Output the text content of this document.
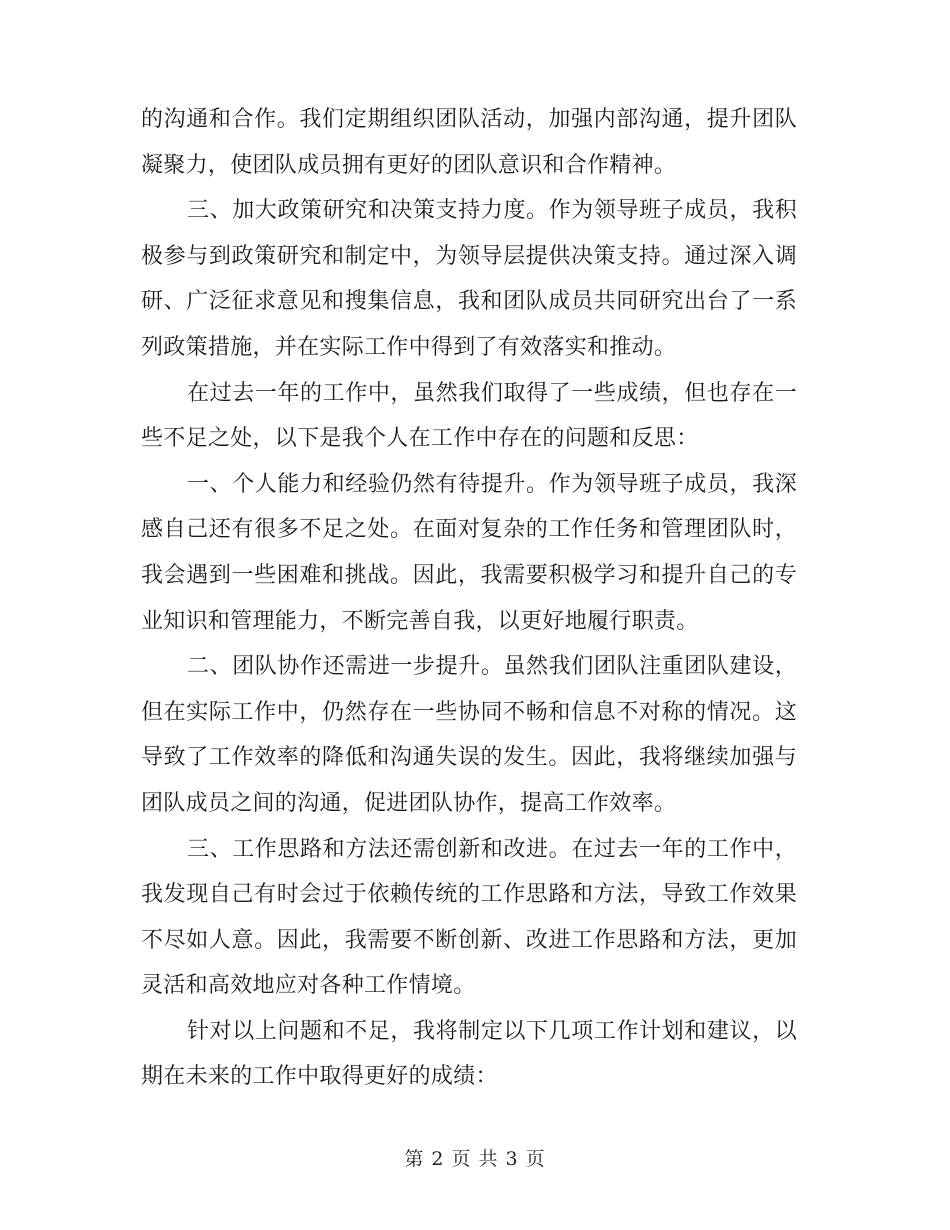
的沟通和合作。我们定期组织团队活动，加强内部沟通，提升团队凝聚力，使团队成员拥有更好的团队意识和合作精神。

三、加大政策研究和决策支持力度。作为领导班子成员，我积极参与到政策研究和制定中，为领导层提供决策支持。通过深入调研、广泛征求意见和搜集信息，我和团队成员共同研究出台了一系列政策措施，并在实际工作中得到了有效落实和推动。

在过去一年的工作中，虽然我们取得了一些成绩，但也存在一些不足之处，以下是我个人在工作中存在的问题和反思：

一、个人能力和经验仍然有待提升。作为领导班子成员，我深感自己还有很多不足之处。在面对复杂的工作任务和管理团队时，我会遇到一些困难和挑战。因此，我需要积极学习和提升自己的专业知识和管理能力，不断完善自我，以更好地履行职责。

二、团队协作还需进一步提升。虽然我们团队注重团队建设，但在实际工作中，仍然存在一些协同不畅和信息不对称的情况。这导致了工作效率的降低和沟通失误的发生。因此，我将继续加强与团队成员之间的沟通，促进团队协作，提高工作效率。

三、工作思路和方法还需创新和改进。在过去一年的工作中，我发现自己有时会过于依赖传统的工作思路和方法，导致工作效果不尽如人意。因此，我需要不断创新、改进工作思路和方法，更加灵活和高效地应对各种工作情境。

针对以上问题和不足，我将制定以下几项工作计划和建议，以期在未来的工作中取得更好的成绩：

第 2 页 共 3 页
